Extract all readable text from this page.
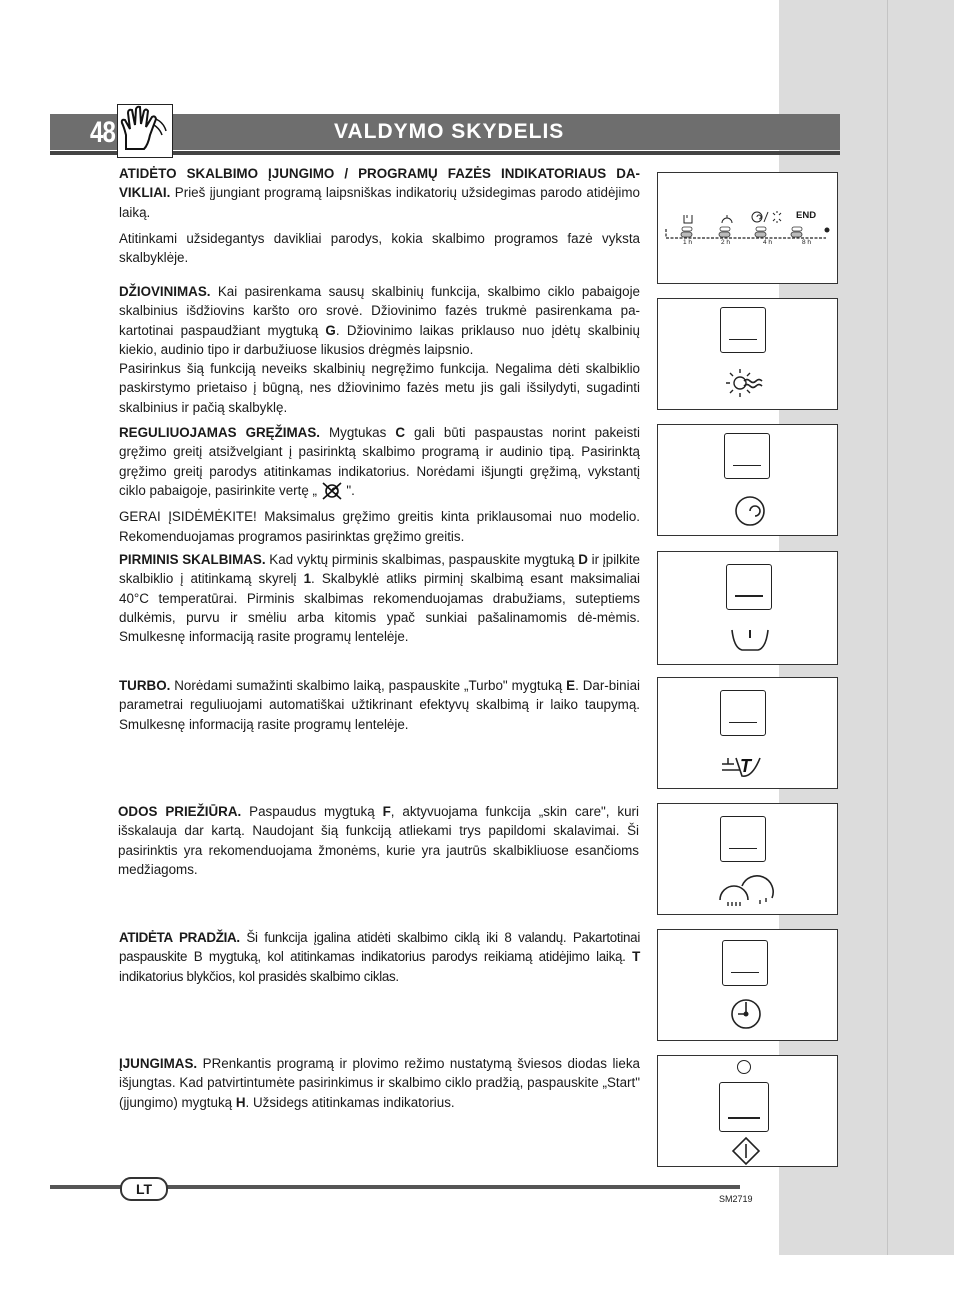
48	VALDYMO SKYDELIS

ATIDĖTO SKALBIMO ĮJUNGIMO / PROGRAMŲ FAZĖS INDIKATORIAUS DA-VIKLIAI. Prieš įjungiant programą laipsniškas indikatorių užsidegimas parodo atidėjimo laiką.

Atitinkami užsidegantys davikliai parodys, kokia skalbimo programos fazė vyksta skalbyklėje.

DŽIOVINIMAS. Kai pasirenkama sausų skalbinių funkcija, skalbimo ciklo pabaigoje skalbinius išdžiovins karšto oro srovė. Džiovinimo fazės trukmė pasirenkama pa-kartotinai paspaudžiant mygtuką G. Džiovinimo laikas priklauso nuo įdėtų skalbinių kiekio, audinio tipo ir darbužiuose likusios drėgmės laipsnio.

Pasirinkus šią funkciją neveiks skalbinių negręžimo funkcija. Negalima dėti skalbiklio paskirstymo prietaiso į būgną, nes džiovinimo fazės metu jis gali išsilydyti, sugadinti skalbinius ir pačią skalbyklę.

REGULIUOJAMAS GRĘŽIMAS. Mygtukas C gali būti paspaustas norint pakeisti gręžimo greitį atsižvelgiant į pasirinktą skalbimo programą ir audinio tipą. Pasirinktą gręžimo greitį parodys atitinkamas indikatorius. Norėdami išjungti gręžimą, vykstantį ciklo pabaigoje, pasirinkite vertę „  ".

GERAI ĮSIDĖMĖKITE! Maksimalus gręžimo greitis kinta priklausomai nuo modelio. Rekomenduojamas programos pasirinktas gręžimo greitis.

PIRMINIS SKALBIMAS. Kad vyktų pirminis skalbimas, paspauskite mygtuką D ir įpilkite skalbiklio į atitinkamą skyrelį 1. Skalbyklė atliks pirminį skalbimą esant maksimaliai 40°C temperatūrai. Pirminis skalbimas rekomenduojamas drabužiams, suteptiems dulkėmis, purvu ir smėliu arba kitomis ypač sunkiai pašalinamomis dė-mėmis. Smulkesnę informaciją rasite programų lentelėje.

TURBO. Norėdami sumažinti skalbimo laiką, paspauskite „Turbo" mygtuką E. Dar-biniai parametrai reguliuojami automatiškai užtikrinant efektyvų skalbimą ir laiko taupymą. Smulkesnę informaciją rasite programų lentelėje.

ODOS PRIEŽIŪRA. Paspaudus mygtuką F, aktyvuojama funkcija „skin care", kuri išskalauja dar kartą. Naudojant šią funkciją atliekami trys papildomi skalavimai. Ši pasirinktis yra rekomenduojama žmonėms, kurie yra jautrūs skalbikliuose esančioms medžiagoms.

ATIDĖTA PRADŽIA. Ši funkcija įgalina atidėti skalbimo ciklą iki 8 valandų. Pakartotinai paspauskite B mygtuką, kol atitinkamas indikatorius parodys reikiamą atidėjimo laiką. T indikatorius blykčios, kol prasidės skalbimo ciklas.

ĮJUNGIMAS. PRenkantis programą ir plovimo režimo nustatymą šviesos diodas lieka išjungtas. Kad patvirtintumėte pasirinkimus ir skalbimo ciklo pradžią, paspauskite „Start" (įjungimo) mygtuką H. Užsidegs atitinkamas indikatorius.

END
1 h	2 h	4 h	8 h
T
LT
SM2719
